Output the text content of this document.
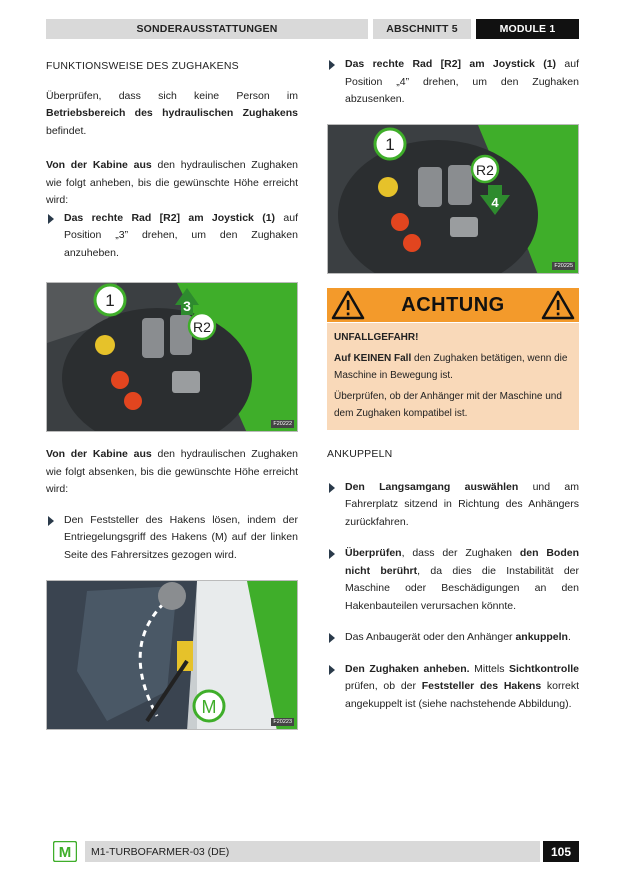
SONDERAUSSTATTUNGEN	ABSCHNITT 5	MODULE 1
FUNKTIONSWEISE DES ZUGHAKENS
Überprüfen, dass sich keine Person im Betriebsbereich des hydraulischen Zughakens befindet.
Von der Kabine aus den hydraulischen Zughaken wie folgt anheben, bis die gewünschte Höhe erreicht wird:
Das rechte Rad [R2] am Joystick (1) auf Position „3” drehen, um den Zughaken anzuheben.
1
R2
3
F20222
Von der Kabine aus den hydraulischen Zughaken wie folgt absenken, bis die gewünschte Höhe erreicht wird:
Den Feststeller des Hakens lösen, indem der Entriegelungsgriff des Hakens (M) auf der linken Seite des Fahrersitzes gezogen wird.
M
F20223
Das rechte Rad [R2] am Joystick (1) auf Position „4” drehen, um den Zughaken abzusenken.
1
R2
4
F20225
ACHTUNG
UNFALLGEFAHR!
Auf KEINEN Fall den Zughaken betätigen, wenn die Maschine in Bewegung ist.
Überprüfen, ob der Anhänger mit der Maschine und dem Zughaken kompatibel ist.
ANKUPPELN
Den Langsamgang auswählen und am Fahrerplatz sitzend in Richtung des Anhängers zurückfahren.
Überprüfen, dass der Zughaken den Boden nicht berührt, da dies die Instabilität der Maschine oder Beschädigungen an den Hakenbauteilen verursachen könnte.
Das Anbaugerät oder den Anhänger ankuppeln.
Den Zughaken anheben. Mittels Sichtkontrolle prüfen, ob der Feststeller des Hakens korrekt angekuppelt ist (siehe nachstehende Abbildung).
M	M1-TURBOFARMER-03 (DE)	105
